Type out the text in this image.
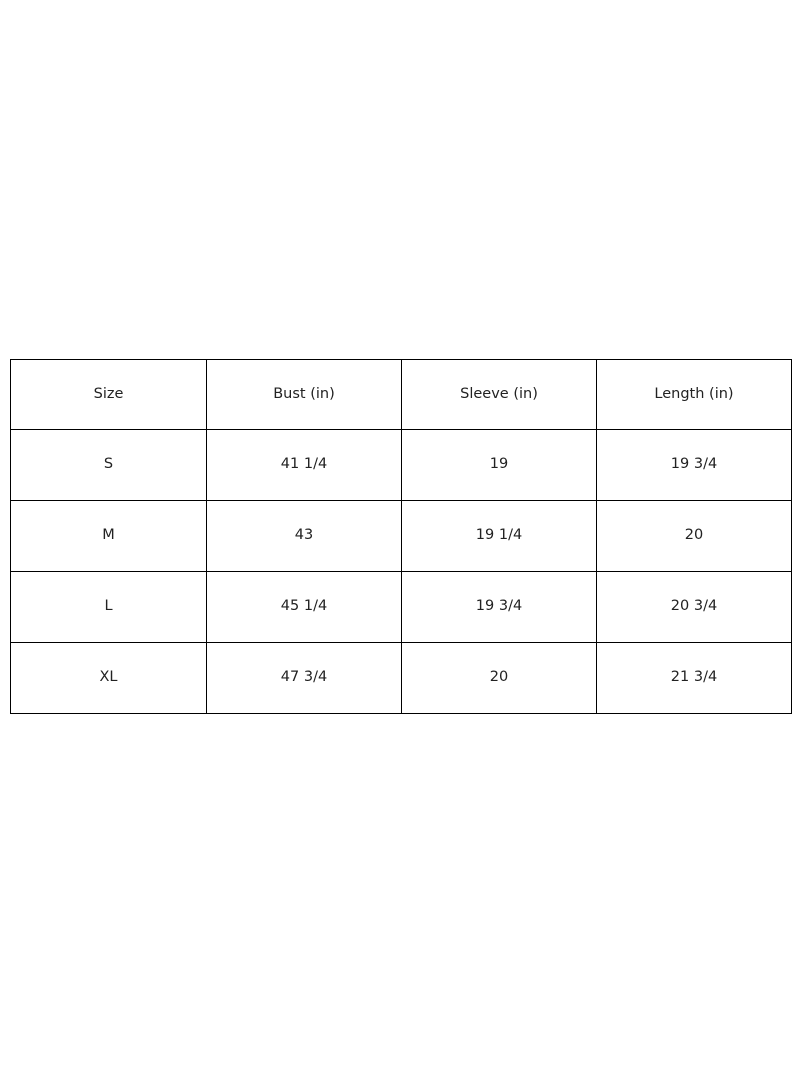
Size	Bust (in)	Sleeve (in)	Length (in)
S	41 1/4	19	19 3/4
M	43	19 1/4	20
L	45 1/4	19 3/4	20 3/4
XL	47 3/4	20	21 3/4
